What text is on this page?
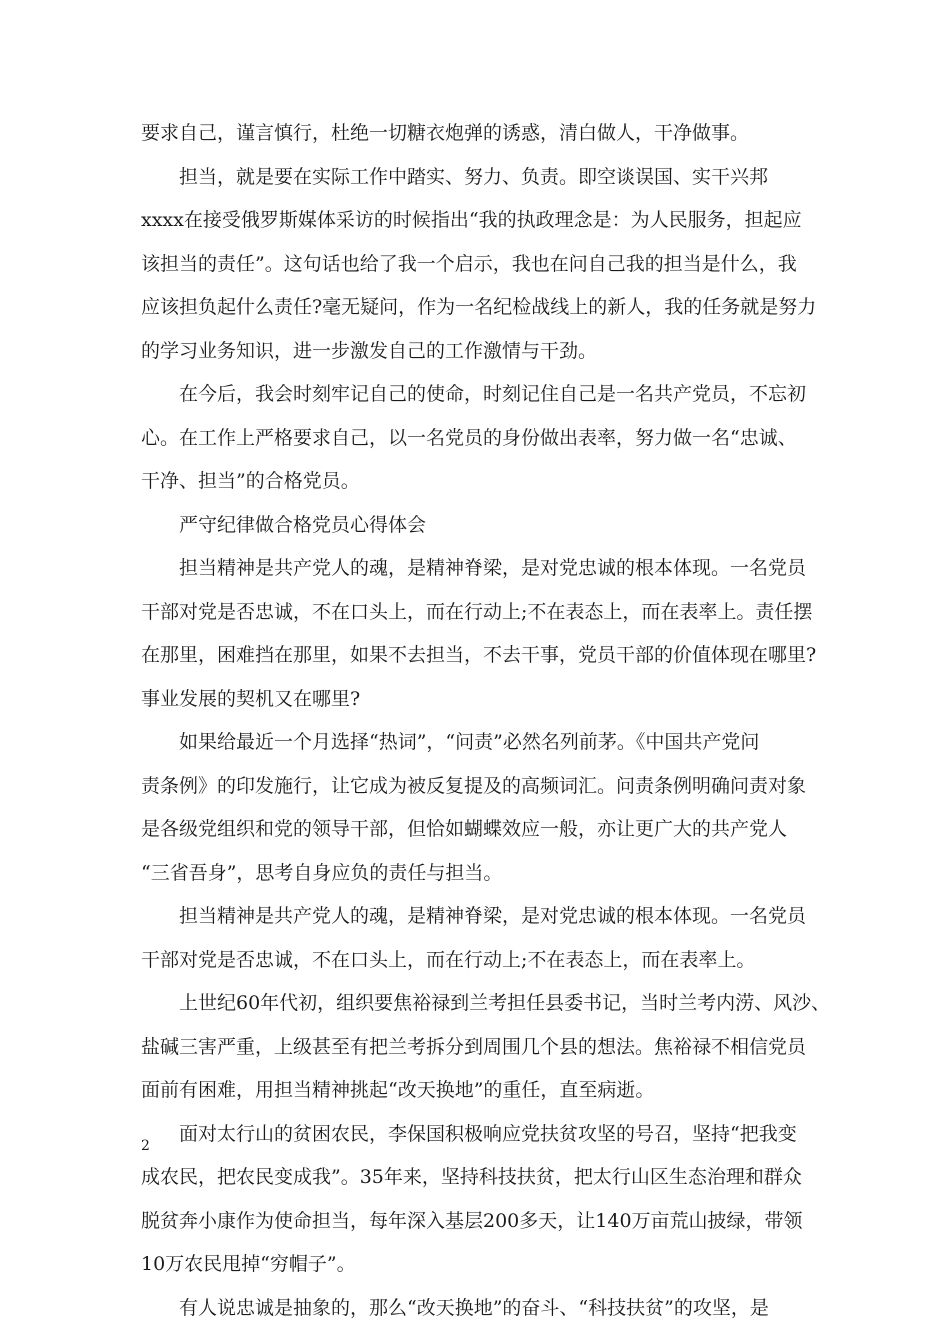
要求自己，谨言慎行，杜绝一切糖衣炮弹的诱惑，清白做人，干净做事。
担当，就是要在实际工作中踏实、努力、负责。即空谈误国、实干兴邦
xxxx在接受俄罗斯媒体采访的时候指出“我的执政理念是：为人民服务，担起应
该担当的责任”。这句话也给了我一个启示，我也在问自己我的担当是什么，我
应该担负起什么责任?毫无疑问，作为一名纪检战线上的新人，我的任务就是努力
的学习业务知识，进一步激发自己的工作激情与干劲。
在今后，我会时刻牢记自己的使命，时刻记住自己是一名共产党员，不忘初
心。在工作上严格要求自己，以一名党员的身份做出表率，努力做一名“忠诚、
干净、担当”的合格党员。
严守纪律做合格党员心得体会
担当精神是共产党人的魂，是精神脊梁，是对党忠诚的根本体现。一名党员
干部对党是否忠诚，不在口头上，而在行动上;不在表态上，而在表率上。责任摆
在那里，困难挡在那里，如果不去担当，不去干事，党员干部的价值体现在哪里?
事业发展的契机又在哪里?
如果给最近一个月选择“热词”，“问责”必然名列前茅。《中国共产党问
责条例》的印发施行，让它成为被反复提及的高频词汇。问责条例明确问责对象
是各级党组织和党的领导干部，但恰如蝴蝶效应一般，亦让更广大的共产党人
“三省吾身”，思考自身应负的责任与担当。
担当精神是共产党人的魂，是精神脊梁，是对党忠诚的根本体现。一名党员
干部对党是否忠诚，不在口头上，而在行动上;不在表态上，而在表率上。
上世纪60年代初，组织要焦裕禄到兰考担任县委书记，当时兰考内涝、风沙、
盐碱三害严重，上级甚至有把兰考拆分到周围几个县的想法。焦裕禄不相信党员
面前有困难，用担当精神挑起“改天换地”的重任，直至病逝。
面对太行山的贫困农民，李保国积极响应党扶贫攻坚的号召，坚持“把我变
成农民，把农民变成我”。35年来，坚持科技扶贫，把太行山区生态治理和群众
脱贫奔小康作为使命担当，每年深入基层200多天，让140万亩荒山披绿，带领
10万农民甩掉“穷帽子”。
有人说忠诚是抽象的，那么“改天换地”的奋斗、“科技扶贫”的攻坚，是
2
